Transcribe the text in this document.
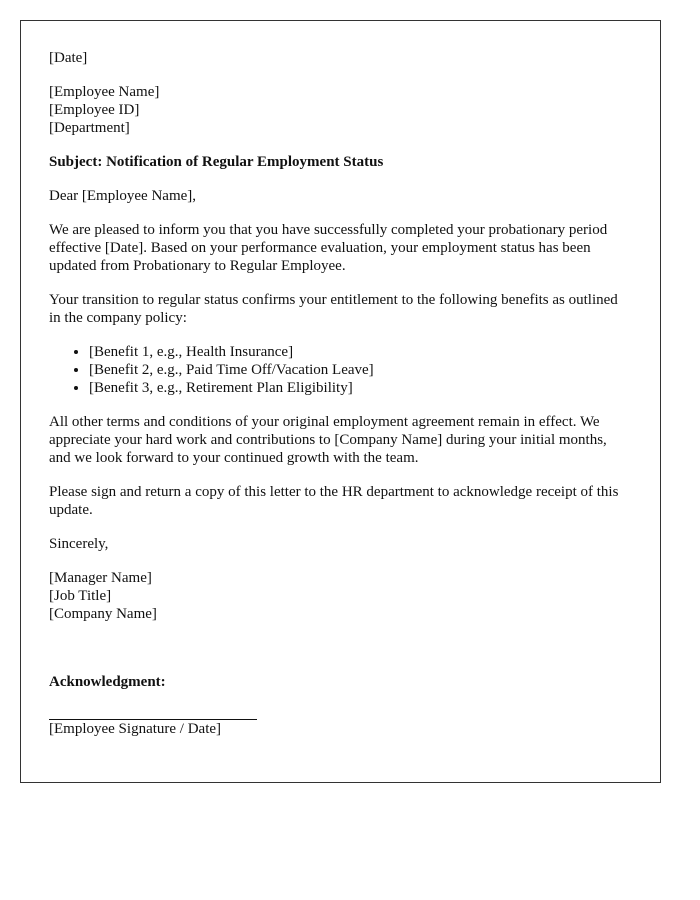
[Date]

[Employee Name]
[Employee ID]
[Department]

Subject: Notification of Regular Employment Status

Dear [Employee Name],

We are pleased to inform you that you have successfully completed your probationary period effective [Date]. Based on your performance evaluation, your employment status has been updated from Probationary to Regular Employee.

Your transition to regular status confirms your entitlement to the following benefits as outlined in the company policy:

• [Benefit 1, e.g., Health Insurance]
• [Benefit 2, e.g., Paid Time Off/Vacation Leave]
• [Benefit 3, e.g., Retirement Plan Eligibility]

All other terms and conditions of your original employment agreement remain in effect. We appreciate your hard work and contributions to [Company Name] during your initial months, and we look forward to your continued growth with the team.

Please sign and return a copy of this letter to the HR department to acknowledge receipt of this update.

Sincerely,

[Manager Name]
[Job Title]
[Company Name]

Acknowledgment:

[Employee Signature / Date]
